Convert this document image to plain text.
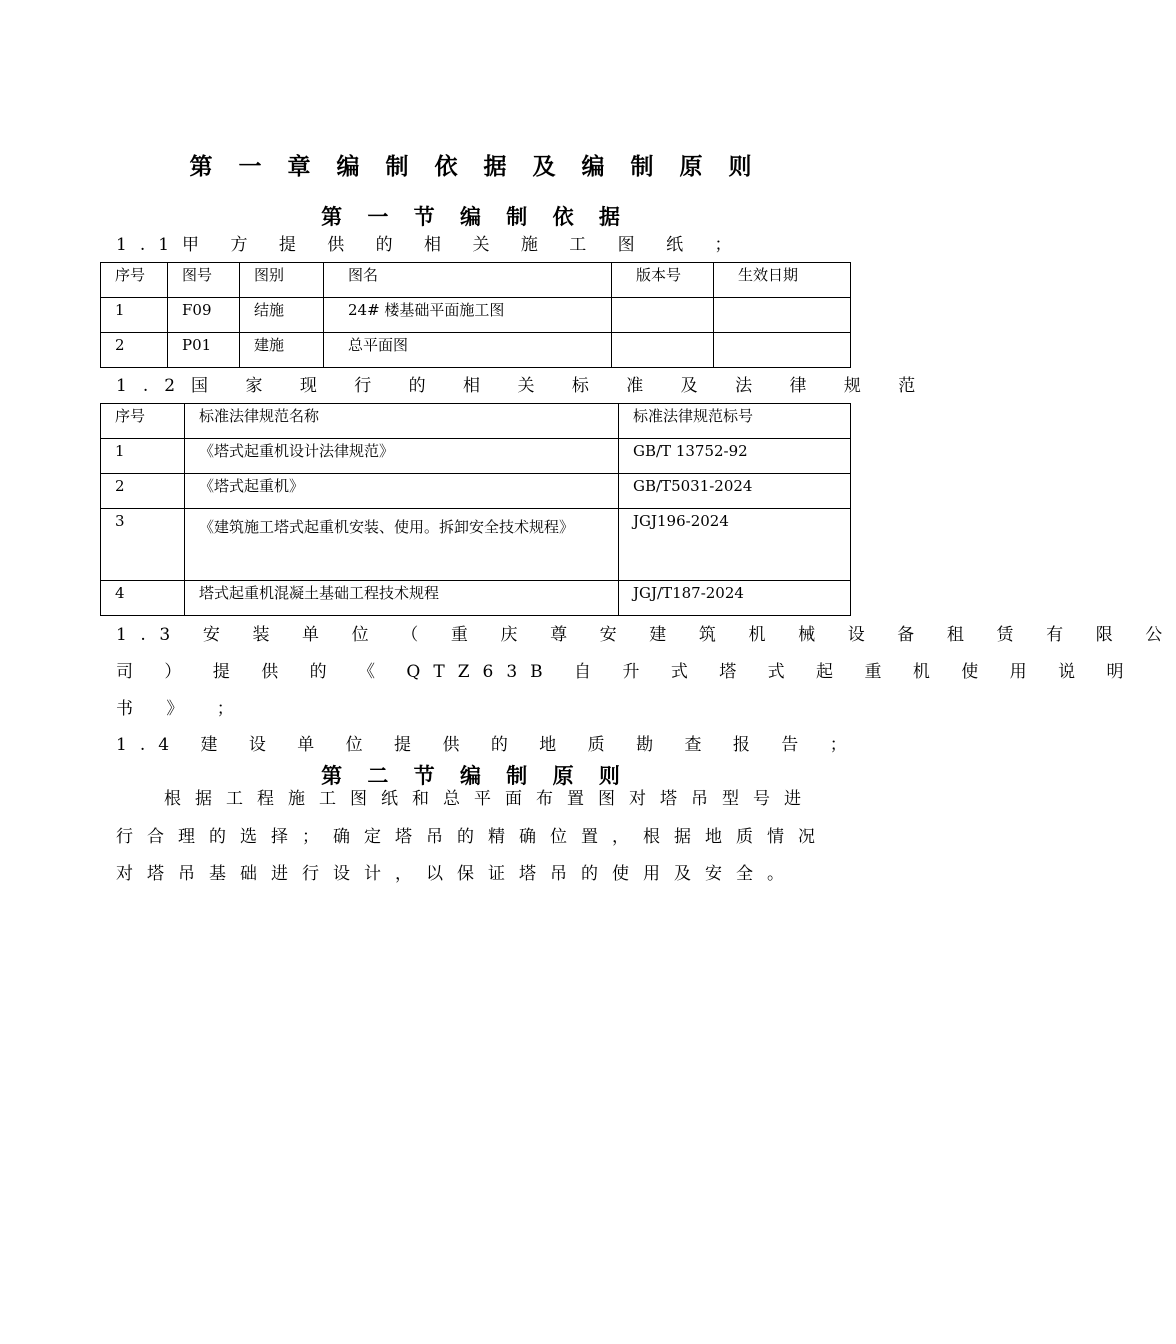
第 一 章 编 制 依 据 及 编 制 原 则
第 一 节 编 制 依 据
1.1甲 方 提 供 的 相 关 施 工 图 纸 ；
序号	图号	图别	图名	版本号	生效日期
1	F09	结施	24# 楼基础平面施工图		
2	P01	建施	总平面图		
1.2国 家 现 行 的 相 关 标 准 及 法 律 规 范
序号	标准法律规范名称	标准法律规范标号
1	《塔式起重机设计法律规范》	GB/T 13752-92
2	《塔式起重机》	GB/T5031-2024
3	《建筑施工塔式起重机安装、使用。拆卸安全技术规程》	JGJ196-2024
4	塔式起重机混凝土基础工程技术规程	JGJ/T187-2024
1.3 安 装 单 位 （ 重 庆 尊 安 建 筑 机 械 设 备 租 赁 有 限 公
司 ） 提 供 的 《 QTZ63B 自 升 式 塔 式 起 重 机 使 用 说 明
书 》 ；
1.4 建 设 单 位 提 供 的 地 质 勘 查 报 告 ；
第 二 节 编 制 原 则
根据工程施工图纸和总平面布置图对塔吊型号进行合理的选择；确定塔吊的精确位置，根据地质情况对塔吊基础进行设计，以保证塔吊的使用及安全。
